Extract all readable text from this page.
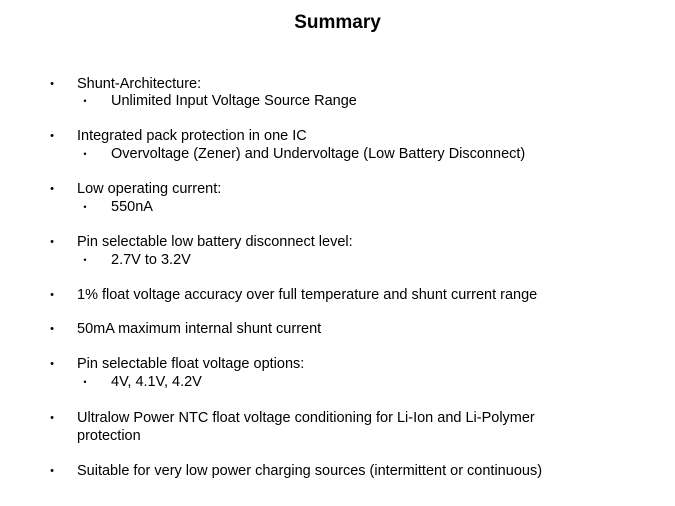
Summary
• Shunt-Architecture:
• Unlimited Input Voltage Source Range
• Integrated pack protection in one IC
• Overvoltage (Zener) and Undervoltage (Low Battery Disconnect)
• Low operating current:
• 550nA
• Pin selectable low battery disconnect level:
• 2.7V to 3.2V
• 1% float voltage accuracy over full temperature and shunt current range
• 50mA maximum internal shunt current
• Pin selectable float voltage options:
• 4V, 4.1V, 4.2V
• Ultralow Power NTC float voltage conditioning for Li-Ion and Li-Polymer
protection
• Suitable for very low power charging sources (intermittent or continuous)
